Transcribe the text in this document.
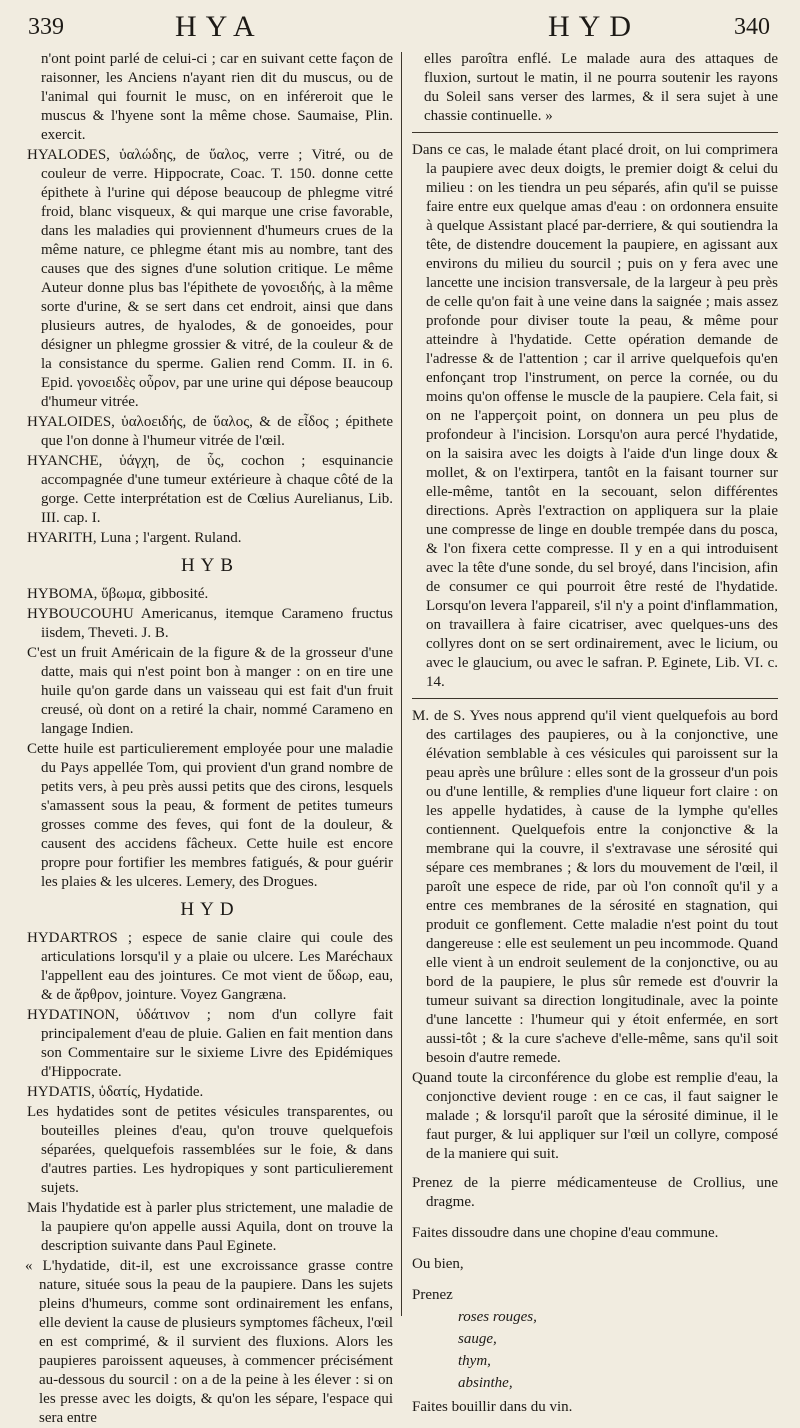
339	HYA	HYD	340

n'ont point parlé de celui-ci ; car en suivant cette façon de raisonner, les Anciens n'ayant rien dit du muscus, ou de l'animal qui fournit le musc, on en inféreroit que le muscus & l'hyene sont la même chose. Saumaise, Plin. exercit.

HYALODES, ὑαλώδης, de ὕαλος, verre ; Vitré, ou de couleur de verre. Hippocrate, Coac. T. 150. donne cette épithete à l'urine qui dépose beaucoup de phlegme vitré froid, blanc visqueux, & qui marque une crise favorable, dans les maladies qui proviennent d'humeurs crues de la même nature, ce phlegme étant mis au nombre, tant des causes que des signes d'une solution critique. Le même Auteur donne plus bas l'épithete de γονοειδής, à la même sorte d'urine, & se sert dans cet endroit, ainsi que dans plusieurs autres, de hyalodes, & de gonoeides, pour désigner un phlegme grossier & vitré, de la couleur & de la consistance du sperme. Galien rend Comm. II. in 6. Epid. γονοειδὲς οὖρον, par une urine qui dépose beaucoup d'humeur vitrée.

HYALOIDES, ὑαλοειδής, de ὕαλος, & de εἶδος ; épithete que l'on donne à l'humeur vitrée de l'œil.

HYANCHE, ὑάγχη, de ὗς, cochon ; esquinancie accompagnée d'une tumeur extérieure à chaque côté de la gorge. Cette interprétation est de Cœlius Aurelianus, Lib. III. cap. I.

HYARITH, Luna ; l'argent. Ruland.

HYB

HYBOMA, ὕβωμα, gibbosité.

HYBOUCOUHU Americanus, itemque Carameno fructus iisdem, Theveti. J. B.

C'est un fruit Américain de la figure & de la grosseur d'une datte, mais qui n'est point bon à manger : on en tire une huile qu'on garde dans un vaisseau qui est fait d'un fruit creusé, où dont on a retiré la chair, nommé Carameno en langage Indien.

Cette huile est particulierement employée pour une maladie du Pays appellée Tom, qui provient d'un grand nombre de petits vers, à peu près aussi petits que des cirons, lesquels s'amassent sous la peau, & forment de petites tumeurs grosses comme des feves, qui font de la douleur, & causent des accidens fâcheux. Cette huile est encore propre pour fortifier les membres fatigués, & pour guérir les plaies & les ulceres. Lemery, des Drogues.

HYD

HYDARTROS ; espece de sanie claire qui coule des articulations lorsqu'il y a plaie ou ulcere. Les Maréchaux l'appellent eau des jointures. Ce mot vient de ὕδωρ, eau, & de ἄρθρον, jointure. Voyez Gangræna.

HYDATINON, ὑδάτινον ; nom d'un collyre fait principalement d'eau de pluie. Galien en fait mention dans son Commentaire sur le sixieme Livre des Epidémiques d'Hippocrate.

HYDATIS, ὑδατίς, Hydatide.

Les hydatides sont de petites vésicules transparentes, ou bouteilles pleines d'eau, qu'on trouve quelquefois séparées, quelquefois rassemblées sur le foie, & dans d'autres parties. Les hydropiques y sont particulierement sujets.

Mais l'hydatide est à parler plus strictement, une maladie de la paupiere qu'on appelle aussi Aquila, dont on trouve la description suivante dans Paul Eginete.

« L'hydatide, dit-il, est une excroissance grasse contre nature, située sous la peau de la paupiere. Dans les sujets pleins d'humeurs, comme sont ordinairement les enfans, elle devient la cause de plusieurs symptomes fâcheux, l'œil en est comprimé, & il survient des fluxions. Alors les paupieres paroissent aqueuses, à commencer précisément au-dessous du sourcil : on a de la peine à les élever : si on les presse avec les doigts, & qu'on les sépare, l'espace qui sera entre

elles paroîtra enflé. Le malade aura des attaques de fluxion, surtout le matin, il ne pourra soutenir les rayons du Soleil sans verser des larmes, & il sera sujet à une chassie continuelle. »

Dans ce cas, le malade étant placé droit, on lui comprimera la paupiere avec deux doigts, le premier doigt & celui du milieu : on les tiendra un peu séparés, afin qu'il se puisse faire entre eux quelque amas d'eau : on ordonnera ensuite à quelque Assistant placé par-derriere, & qui soutiendra la tête, de distendre doucement la paupiere, en agissant aux environs du milieu du sourcil ; puis on y fera avec une lancette une incision transversale, de la largeur à peu près de celle qu'on fait à une veine dans la saignée ; mais assez profonde pour diviser toute la peau, & même pour atteindre à l'hydatide. Cette opération demande de l'adresse & de l'attention ; car il arrive quelquefois qu'en enfonçant trop l'instrument, on perce la cornée, ou du moins qu'on offense le muscle de la paupiere. Cela fait, si on ne l'apperçoit point, on donnera un peu plus de profondeur à l'incision. Lorsqu'on aura percé l'hydatide, on la saisira avec les doigts à l'aide d'un linge doux & mollet, & on l'extirpera, tantôt en la faisant tourner sur elle-même, tantôt en la secouant, selon différentes directions. Après l'extraction on appliquera sur la plaie une compresse de linge en double trempée dans du posca, & l'on fixera cette compresse. Il y en a qui introduisent avec la tête d'une sonde, du sel broyé, dans l'incision, afin de consumer ce qui pourroit être resté de l'hydatide. Lorsqu'on levera l'appareil, s'il n'y a point d'inflammation, on travaillera à faire cicatriser, avec quelques-uns des collyres dont on se sert ordinairement, avec le licium, ou avec le glaucium, ou avec le safran. P. Eginete, Lib. VI. c. 14.

M. de S. Yves nous apprend qu'il vient quelquefois au bord des cartilages des paupieres, ou à la conjonctive, une élévation semblable à ces vésicules qui paroissent sur la peau après une brûlure : elles sont de la grosseur d'un pois ou d'une lentille, & remplies d'une liqueur fort claire : on les appelle hydatides, à cause de la lymphe qu'elles contiennent. Quelquefois entre la conjonctive & la membrane qui la couvre, il s'extravase une sérosité qui sépare ces membranes ; & lors du mouvement de l'œil, il paroît une espece de ride, par où l'on connoît qu'il y a entre ces membranes de la sérosité en stagnation, qui produit ce gonflement. Cette maladie n'est point du tout dangereuse : elle est seulement un peu incommode. Quand elle vient à un endroit seulement de la conjonctive, ou au bord de la paupiere, le plus sûr remede est d'ouvrir la tumeur suivant sa direction longitudinale, avec la pointe d'une lancette : l'humeur qui y étoit enfermée, en sort aussi-tôt ; & la cure s'acheve d'elle-même, sans qu'il soit besoin d'autre remede.

Quand toute la circonférence du globe est remplie d'eau, la conjonctive devient rouge : en ce cas, il faut saigner le malade ; & lorsqu'il paroît que la sérosité diminue, il le faut purger, & lui appliquer sur l'œil un collyre, composé de la maniere qui suit.

Prenez de la pierre médicamenteuse de Crollius, une dragme.

Faites dissoudre dans une chopine d'eau commune.

Ou bien,

Prenez

roses rouges,
sauge,
thym,
absinthe,

Faites bouillir dans du vin.
